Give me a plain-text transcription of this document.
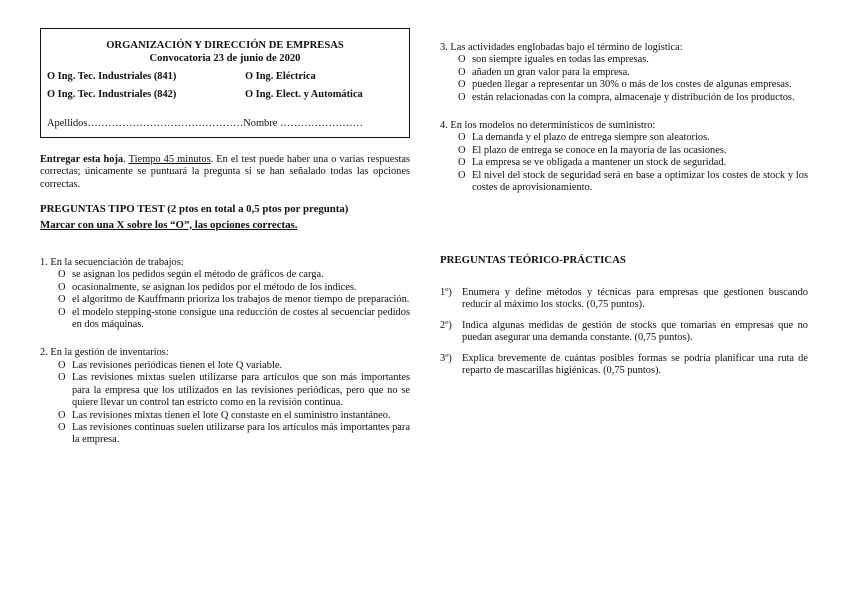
ORGANIZACIÓN Y DIRECCIÓN DE EMPRESAS
Convocatoria 23 de junio de 2020
O Ing. Tec. Industriales (841)	O Ing. Eléctrica
O Ing. Tec. Industriales (842)	O Ing. Elect. y Automática
Apellidos………………………………………Nombre ……………………
Entregar esta hoja. Tiempo 45 minutos. En el test puede haber una o varias respuestas correctas; únicamente se puntuará la pregunta si se han señalado todas las opciones correctas.
PREGUNTAS TIPO TEST (2 ptos en total a 0,5 ptos por pregunta)
Marcar con una X sobre los “O”, las opciones correctas.
1. En la secuenciación de trabajos:
O se asignan los pedidos según el método de gráficos de carga.
O ocasionalmente, se asignan los pedidos por el método de los índices.
O el algoritmo de Kauffmann prioriza los trabajos de menor tiempo de preparación.
O el modelo stepping-stone consigue una reducción de costes al secuenciar pedidos en dos máquinas.
2. En la gestión de inventarios:
O Las revisiones periódicas tienen el lote Q variable.
O Las revisiones mixtas suelen utilizarse para artículos que son más importantes para la empresa que los utilizados en las revisiones periódicas, pero que no se quiere llevar un control tan estricto como en la revisión continua.
O Las revisiones mixtas tienen el lote Q constaste en el suministro instantáneo.
O Las revisiones continuas suelen utilizarse para los artículos más importantes para la empresa.
3. Las actividades englobadas bajo el término de logística:
O son siempre iguales en todas las empresas.
O añaden un gran valor para la empresa.
O pueden llegar a representar un 30% o más de los costes de algunas empresas.
O están relacionadas con la compra, almacenaje y distribución de los productos.
4. En los modelos no determinísticos de suministro:
O La demanda y el plazo de entrega siempre son aleatorios.
O El plazo de entrega se conoce en la mayoría de las ocasiones.
O La empresa se ve obligada a mantener un stock de seguridad.
O El nivel del stock de seguridad será en base a optimizar los costes de stock y los costes de aprovisionamiento.
PREGUNTAS TEÓRICO-PRÁCTICAS
1º) Enumera y define métodos y técnicas para empresas que gestionen buscando reducir al máximo los stocks. (0,75 puntos).
2º) Indica algunas medidas de gestión de stocks que tomarías en empresas que no puedan asegurar una demanda constante. (0,75 puntos).
3º) Explica brevemente de cuántas posibles formas se podría planificar una ruta de reparto de mascarillas higiénicas. (0,75 puntos).
